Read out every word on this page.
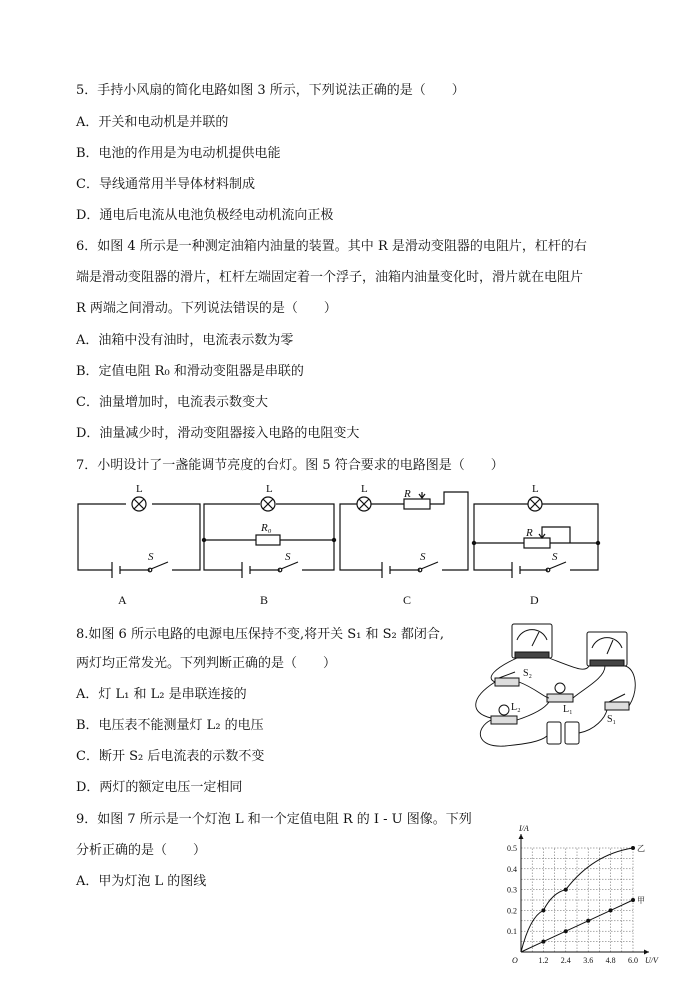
5．手持小风扇的简化电路如图 3 所示，下列说法正确的是（　　）
A．开关和电动机是并联的
B．电池的作用是为电动机提供电能
C．导线通常用半导体材料制成
D．通电后电流从电池负极经电动机流向正极
6．如图 4 所示是一种测定油箱内油量的装置。其中 R 是滑动变阻器的电阻片，杠杆的右
端是滑动变阻器的滑片，杠杆左端固定着一个浮子，油箱内油量变化时，滑片就在电阻片
R 两端之间滑动。下列说法错误的是（　　）
A．油箱中没有油时，电流表示数为零
B．定值电阻 R₀ 和滑动变阻器是串联的
C．油量增加时，电流表示数变大
D．油量减少时，滑动变阻器接入电路的电阻变大
7．小明设计了一盏能调节亮度的台灯。图 5 符合要求的电路图是（　　）
L	L	L	L
S	S	S	S
R₀
R
R
A	B	C	D
8.如图 6 所示电路的电源电压保持不变,将开关 S₁ 和 S₂ 都闭合,
两灯均正常发光。下列判断正确的是（　　）
A．灯 L₁ 和 L₂ 是串联连接的
B．电压表不能测量灯 L₂ 的电压
C．断开 S₂ 后电流表的示数不变
D．两灯的额定电压一定相同
S₂
L₁
L₂
S₁
9．如图 7 所示是一个灯泡 L 和一个定值电阻 R 的 I - U 图像。下列
分析正确的是（　　）
A．甲为灯泡 L 的图线
1.2 2.4 3.6 4.8 6.0
0.1
0.2
0.3
0.4
0.5
O	U/V
I/A
乙
甲
